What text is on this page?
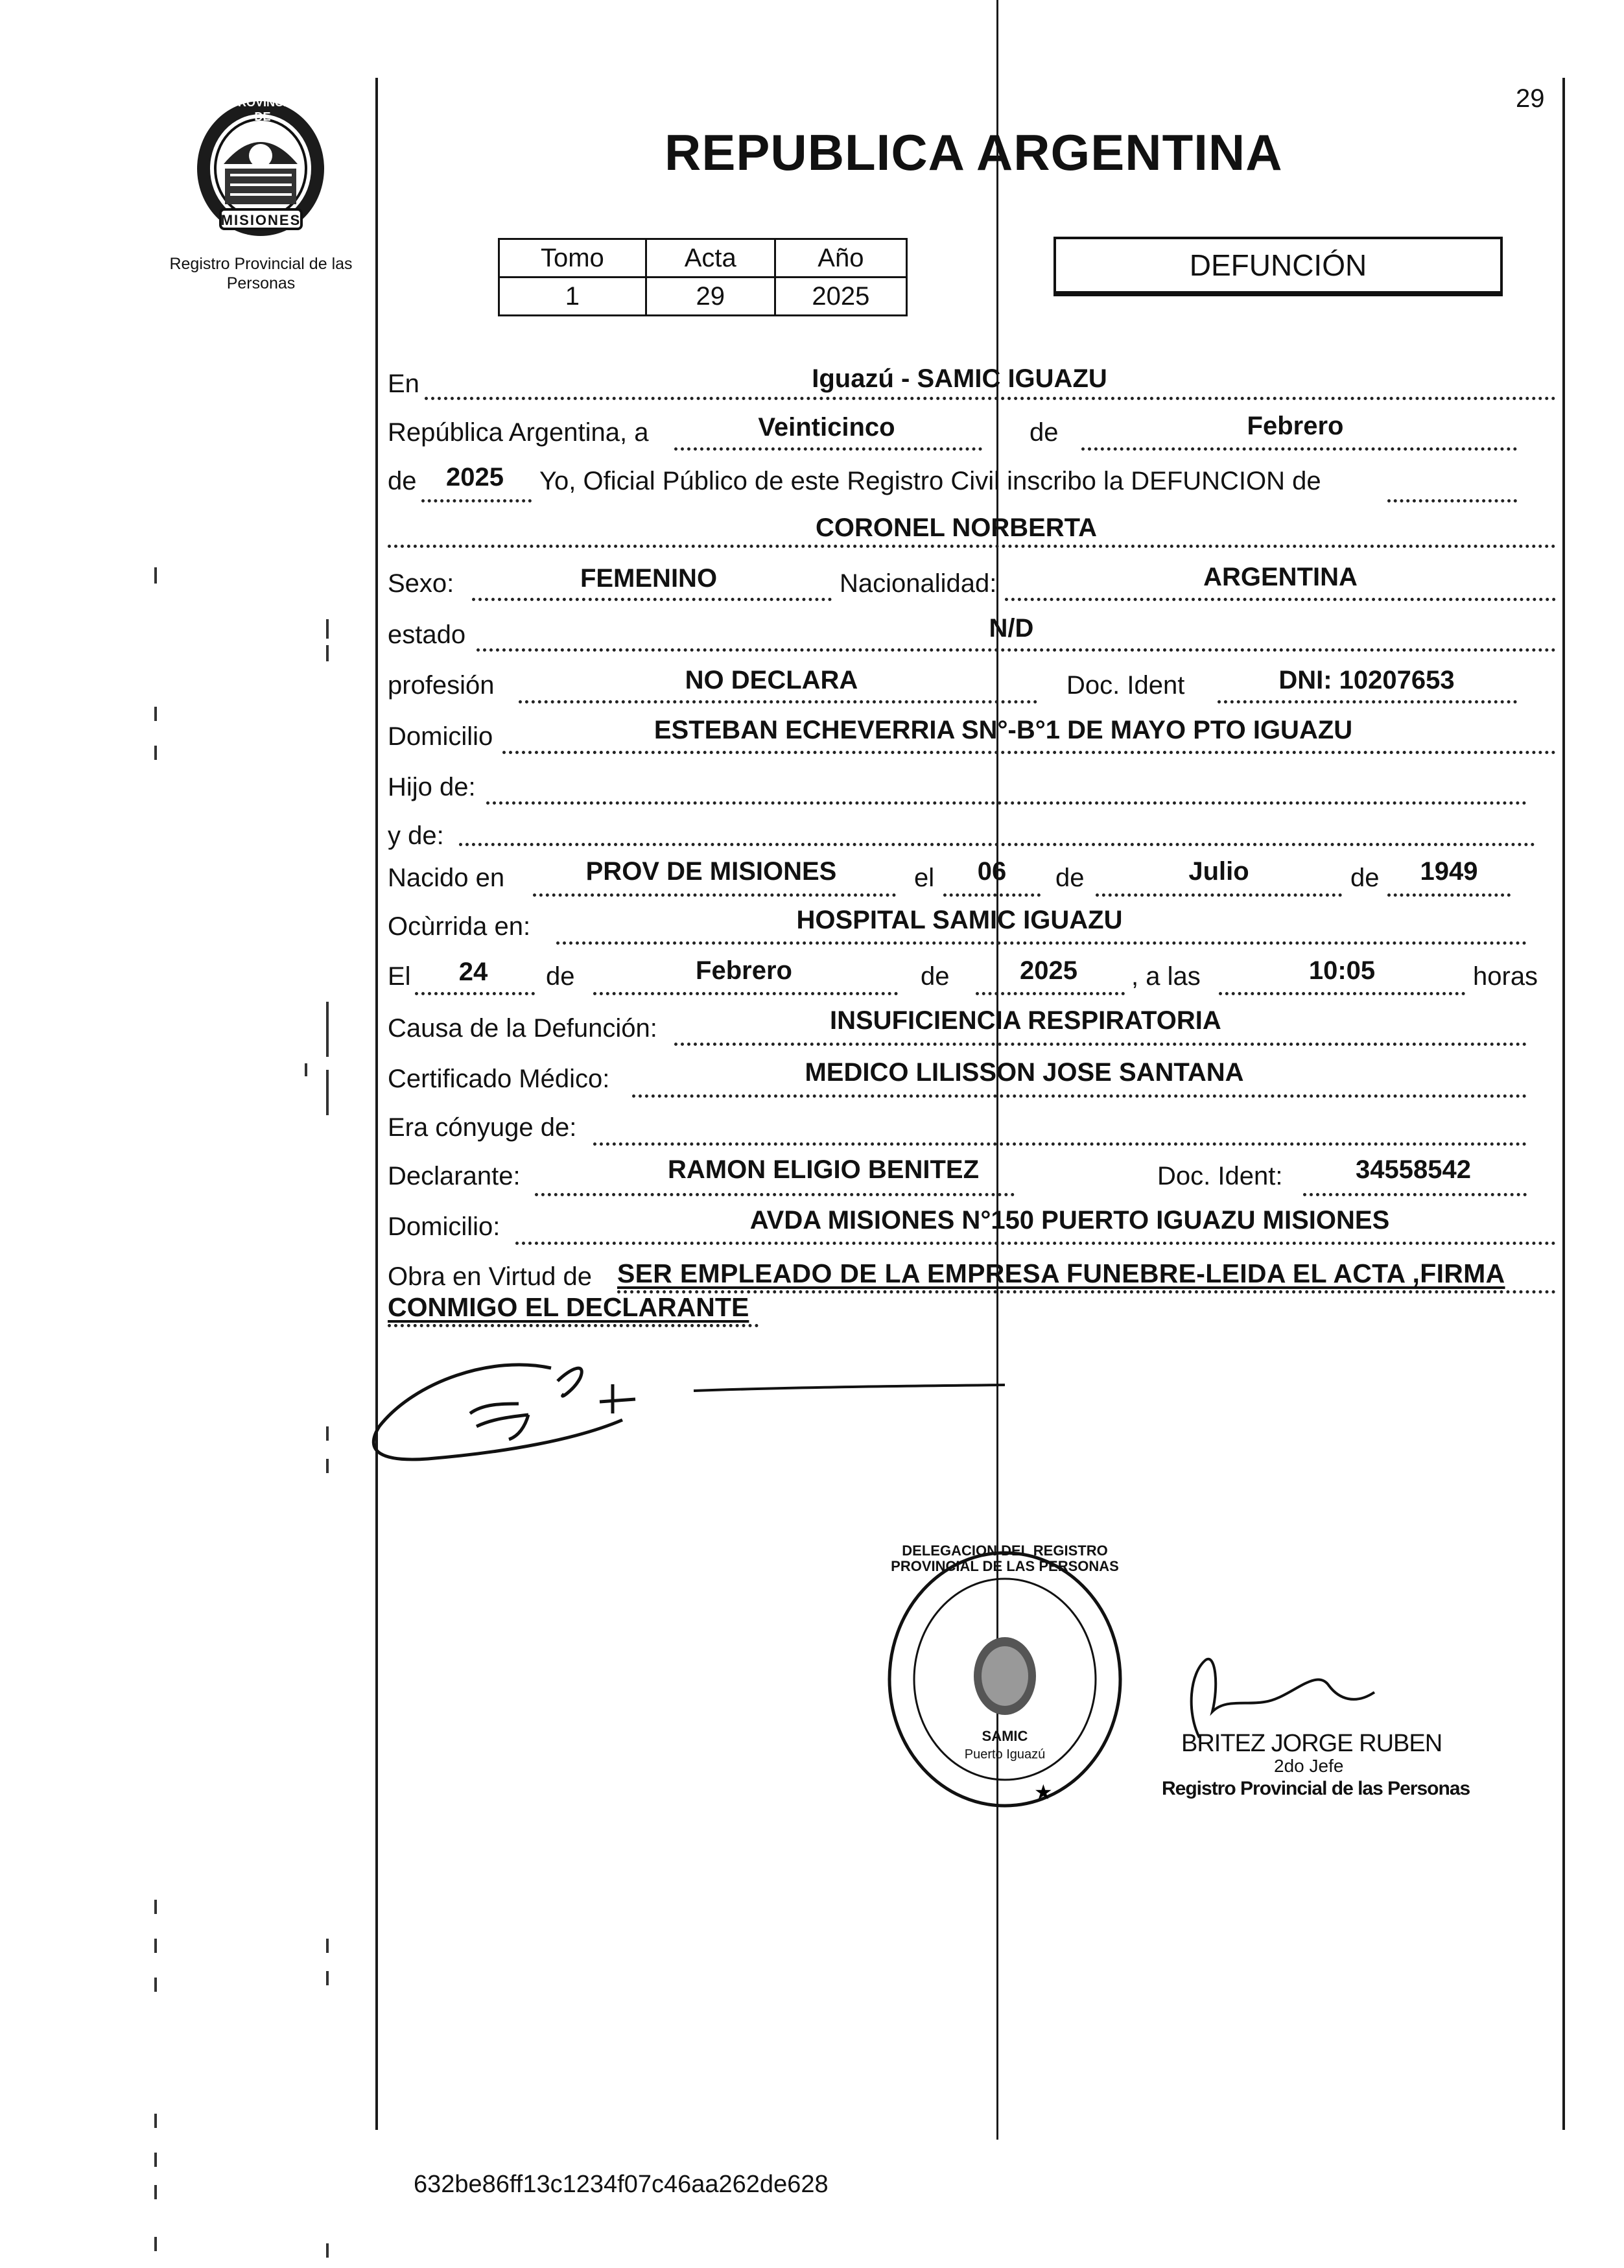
PROVINCIA DE
MISIONES
Registro Provincial de las Personas
REPUBLICA ARGENTINA
29
Tomo	Acta	Año
1	29	2025
DEFUNCIÓN
En	Iguazú - SAMIC IGUAZU
República Argentina, a	Veinticinco	de	Febrero
de	2025	Yo, Oficial Público de este Registro Civil inscribo la DEFUNCION de
CORONEL NORBERTA
Sexo:	FEMENINO	Nacionalidad:	ARGENTINA
estado	N/D
profesión	NO DECLARA	Doc. Ident	DNI: 10207653
Domicilio	ESTEBAN ECHEVERRIA SN°-B°1 DE MAYO PTO IGUAZU
Hijo de:
y de:
Nacido en	PROV DE MISIONES	el	06	de	Julio	de	1949
Ocùrrida en:	HOSPITAL SAMIC IGUAZU
El	24	de	Febrero	de	2025	, a las	10:05	horas
Causa de la Defunción:	INSUFICIENCIA RESPIRATORIA
Certificado Médico:	MEDICO LILISSON JOSE SANTANA
Era cónyuge de:
Declarante:	RAMON ELIGIO BENITEZ	Doc. Ident:	34558542
Domicilio:	AVDA MISIONES N°150 PUERTO IGUAZU MISIONES
Obra en Virtud de SER EMPLEADO DE LA EMPRESA FUNEBRE-LEIDA EL ACTA ,FIRMA
CONMIGO EL DECLARANTE
★
DELEGACION DEL REGISTRO PROVINCIAL DE LAS PERSONAS
SAMIC
Puerto Iguazú	BRITEZ JORGE RUBEN
2do Jefe
Registro Provincial de las Personas
632be86ff13c1234f07c46aa262de628
